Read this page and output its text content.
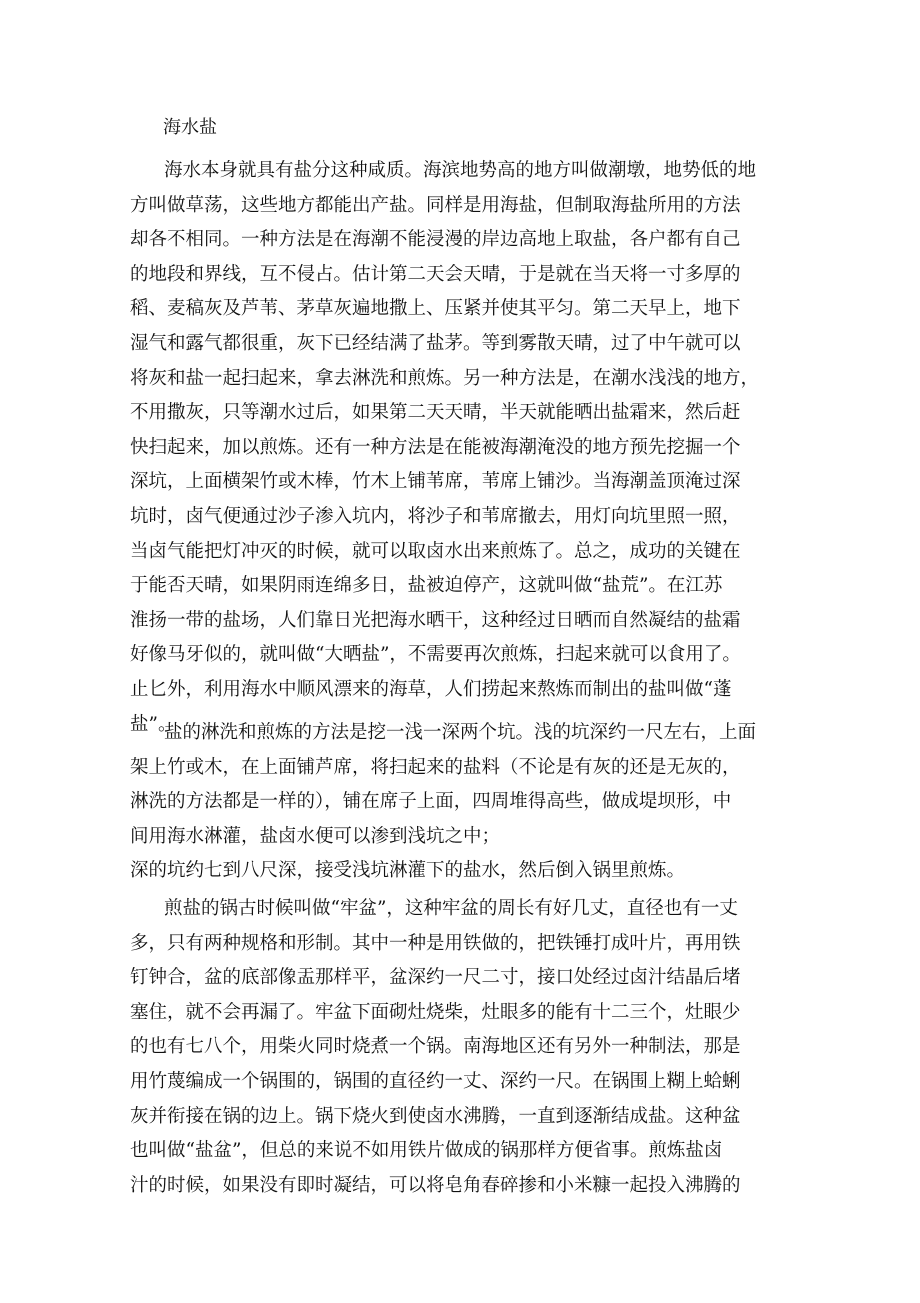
海水盐
海水本身就具有盐分这种咸质。海滨地势高的地方叫做潮墩，地势低的地
方叫做草荡，这些地方都能出产盐。同样是用海盐，但制取海盐所用的方法
却各不相同。一种方法是在海潮不能浸漫的岸边高地上取盐，各户都有自己
的地段和界线，互不侵占。估计第二天会天晴，于是就在当天将一寸多厚的
稻、麦稿灰及芦苇、茅草灰遍地撒上、压紧并使其平匀。第二天早上，地下
湿气和露气都很重，灰下已经结满了盐茅。等到雾散天晴，过了中午就可以
将灰和盐一起扫起来，拿去淋洗和煎炼。另一种方法是，在潮水浅浅的地方，
不用撒灰，只等潮水过后，如果第二天天晴，半天就能晒出盐霜来，然后赶
快扫起来，加以煎炼。还有一种方法是在能被海潮淹没的地方预先挖掘一个
深坑，上面横架竹或木棒，竹木上铺苇席，苇席上铺沙。当海潮盖顶淹过深
坑时，卤气便通过沙子渗入坑内，将沙子和苇席撤去，用灯向坑里照一照，
当卤气能把灯冲灭的时候，就可以取卤水出来煎炼了。总之，成功的关键在
于能否天晴，如果阴雨连绵多日，盐被迫停产，这就叫做“盐荒”。在江苏
淮扬一带的盐场，人们靠日光把海水晒干，这种经过日晒而自然凝结的盐霜
好像马牙似的，就叫做“大晒盐”，不需要再次煎炼，扫起来就可以食用了。
止匕外，利用海水中顺风漂来的海草，人们捞起来熬炼而制出的盐叫做“蓬
盐”。
盐的淋洗和煎炼的方法是挖一浅一深两个坑。浅的坑深约一尺左右，上面
架上竹或木，在上面铺芦席，将扫起来的盐料（不论是有灰的还是无灰的，
淋洗的方法都是一样的），铺在席子上面，四周堆得高些，做成堤坝形，中
间用海水淋灌，盐卤水便可以渗到浅坑之中；
深的坑约七到八尺深，接受浅坑淋灌下的盐水，然后倒入锅里煎炼。
煎盐的锅古时候叫做“牢盆”，这种牢盆的周长有好几丈，直径也有一丈
多，只有两种规格和形制。其中一种是用铁做的，把铁锤打成叶片，再用铁
钉钟合，盆的底部像盂那样平，盆深约一尺二寸，接口处经过卤汁结晶后堵
塞住，就不会再漏了。牢盆下面砌灶烧柴，灶眼多的能有十二三个，灶眼少
的也有七八个，用柴火同时烧煮一个锅。南海地区还有另外一种制法，那是
用竹蔑编成一个锅围的，锅围的直径约一丈、深约一尺。在锅围上糊上蛤蜊
灰并衔接在锅的边上。锅下烧火到使卤水沸腾，一直到逐渐结成盐。这种盆
也叫做“盐盆”，但总的来说不如用铁片做成的锅那样方便省事。煎炼盐卤
汁的时候，如果没有即时凝结，可以将皂角春碎掺和小米糠一起投入沸腾的
